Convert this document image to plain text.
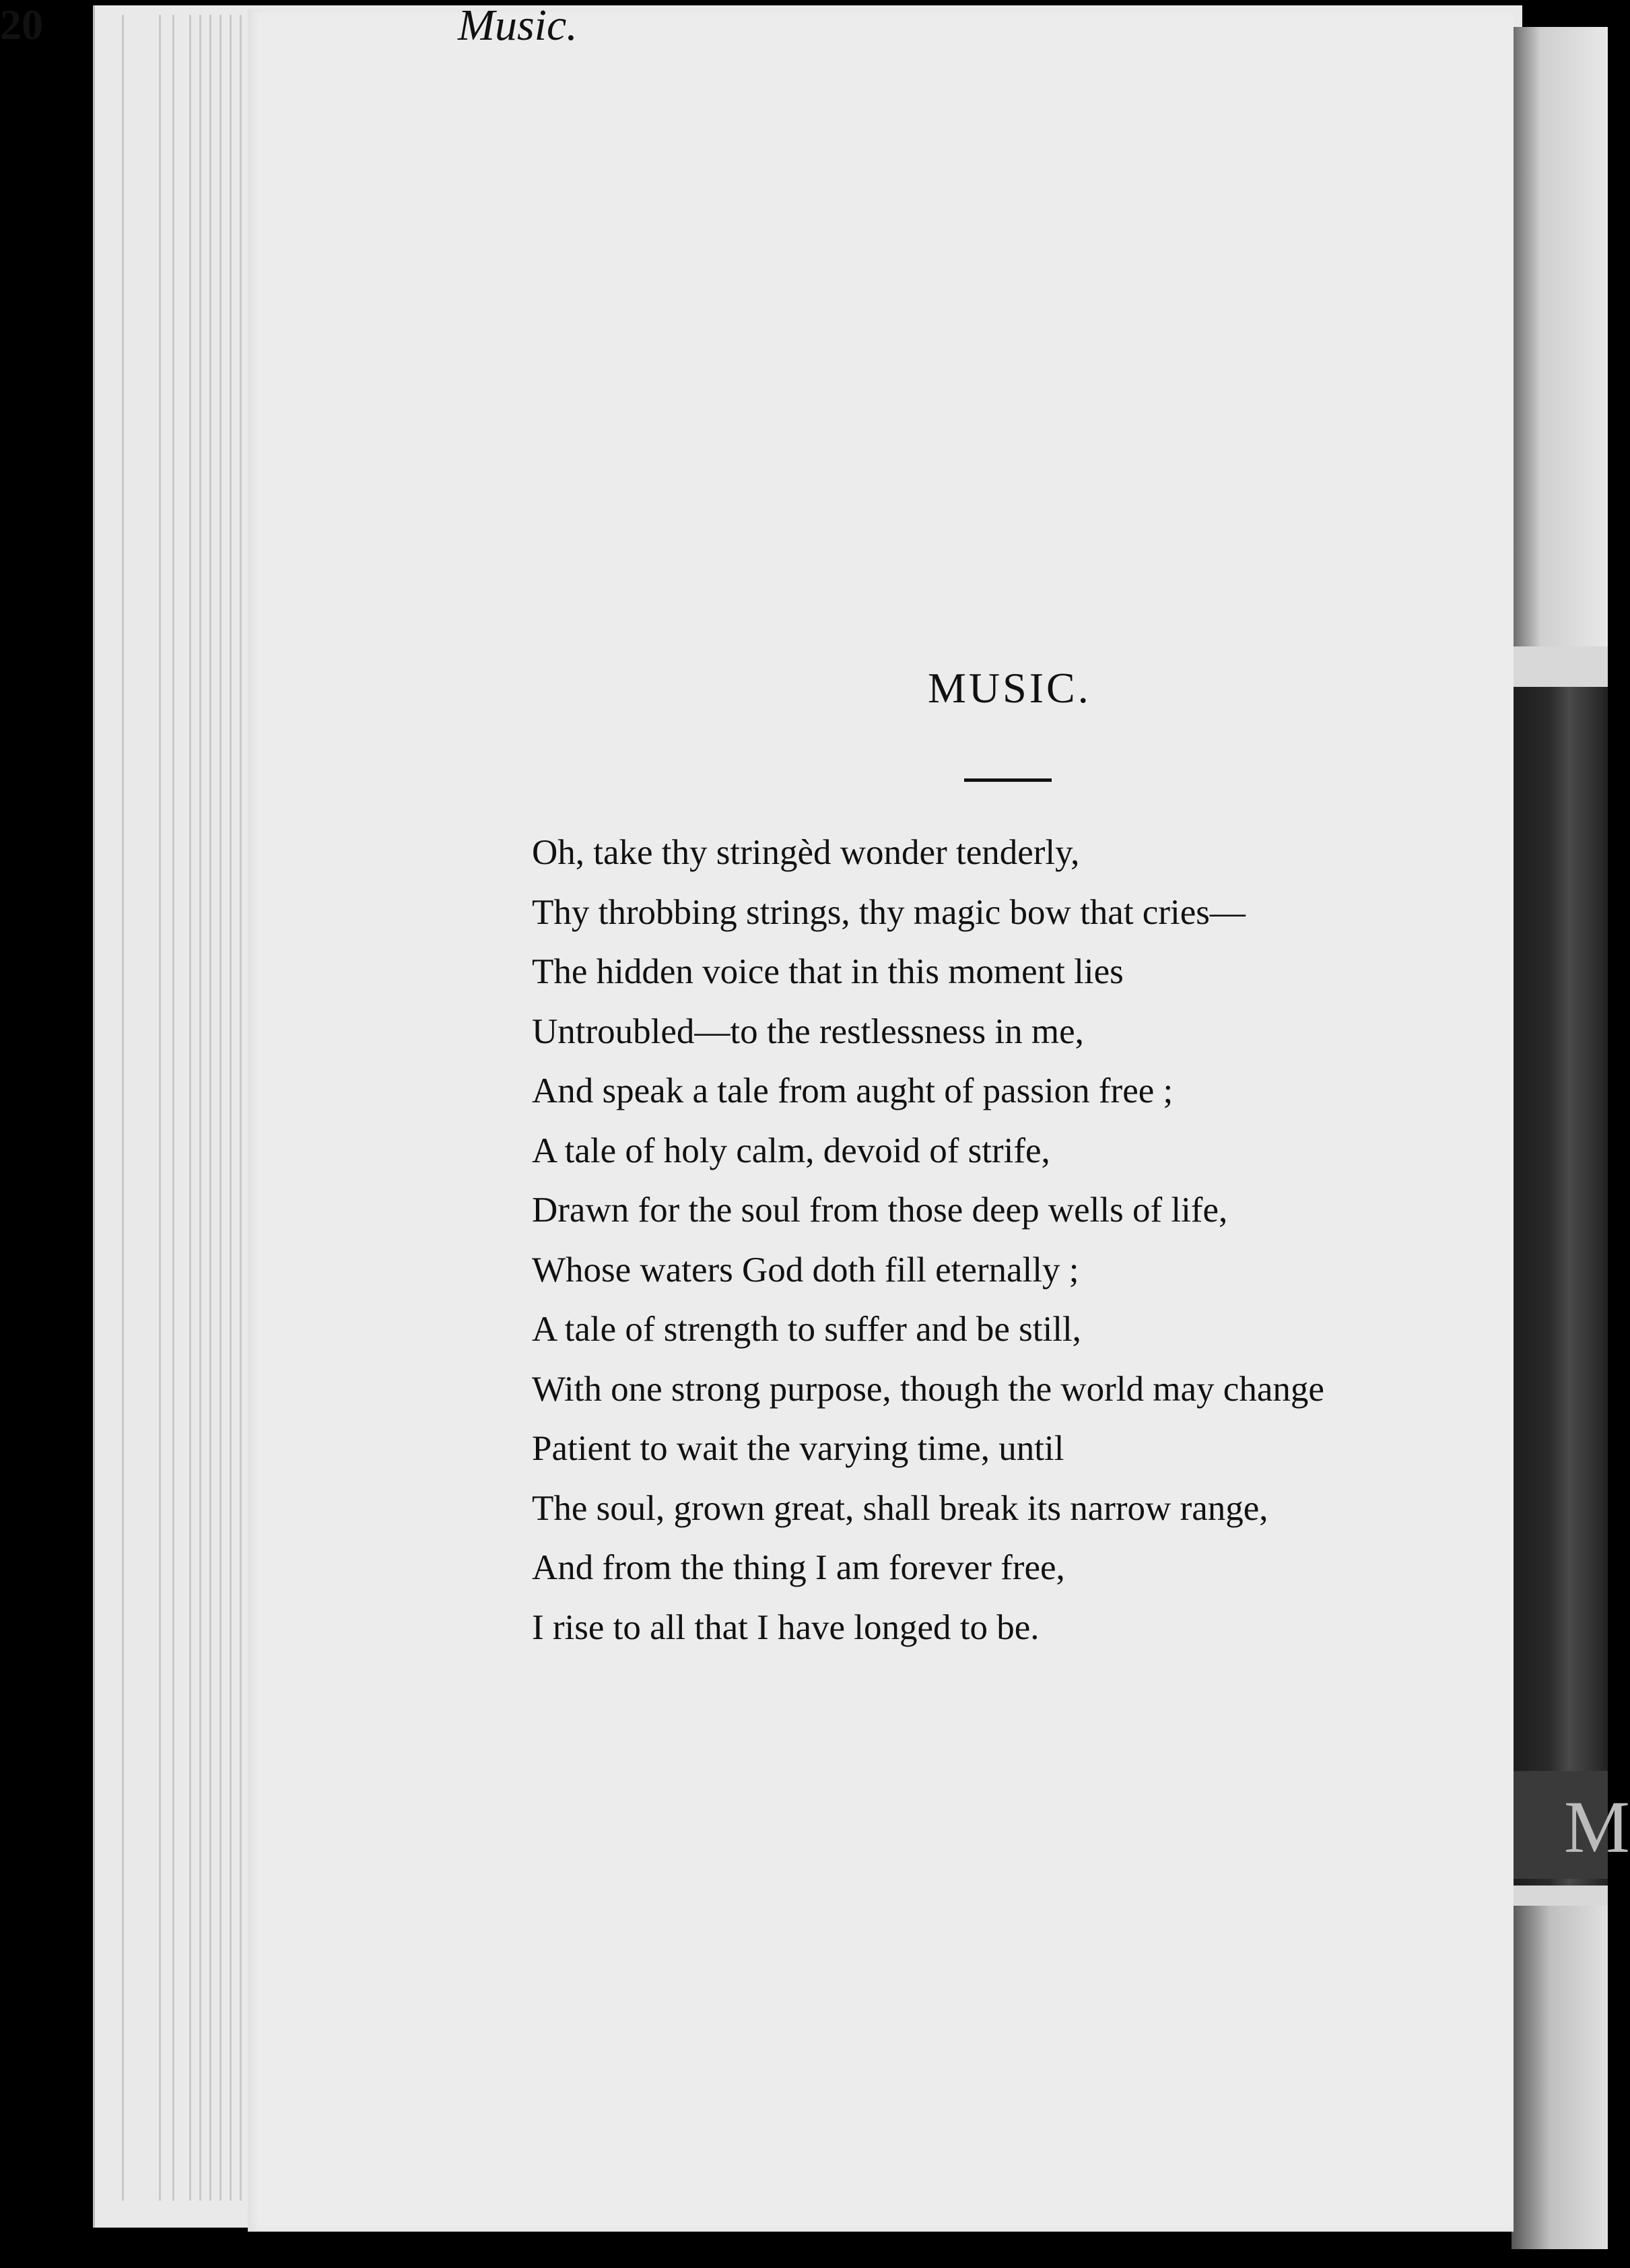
M
20	Music.
MUSIC.
Oh, take thy stringèd wonder tenderly,
Thy throbbing strings, thy magic bow that cries—
The hidden voice that in this moment lies
Untroubled—to the restlessness in me,
And speak a tale from aught of passion free ;
A tale of holy calm, devoid of strife,
Drawn for the soul from those deep wells of life,
Whose waters God doth fill eternally ;
A tale of strength to suffer and be still,
With one strong purpose, though the world may change
Patient to wait the varying time, until
The soul, grown great, shall break its narrow range,
And from the thing I am forever free,
I rise to all that I have longed to be.
